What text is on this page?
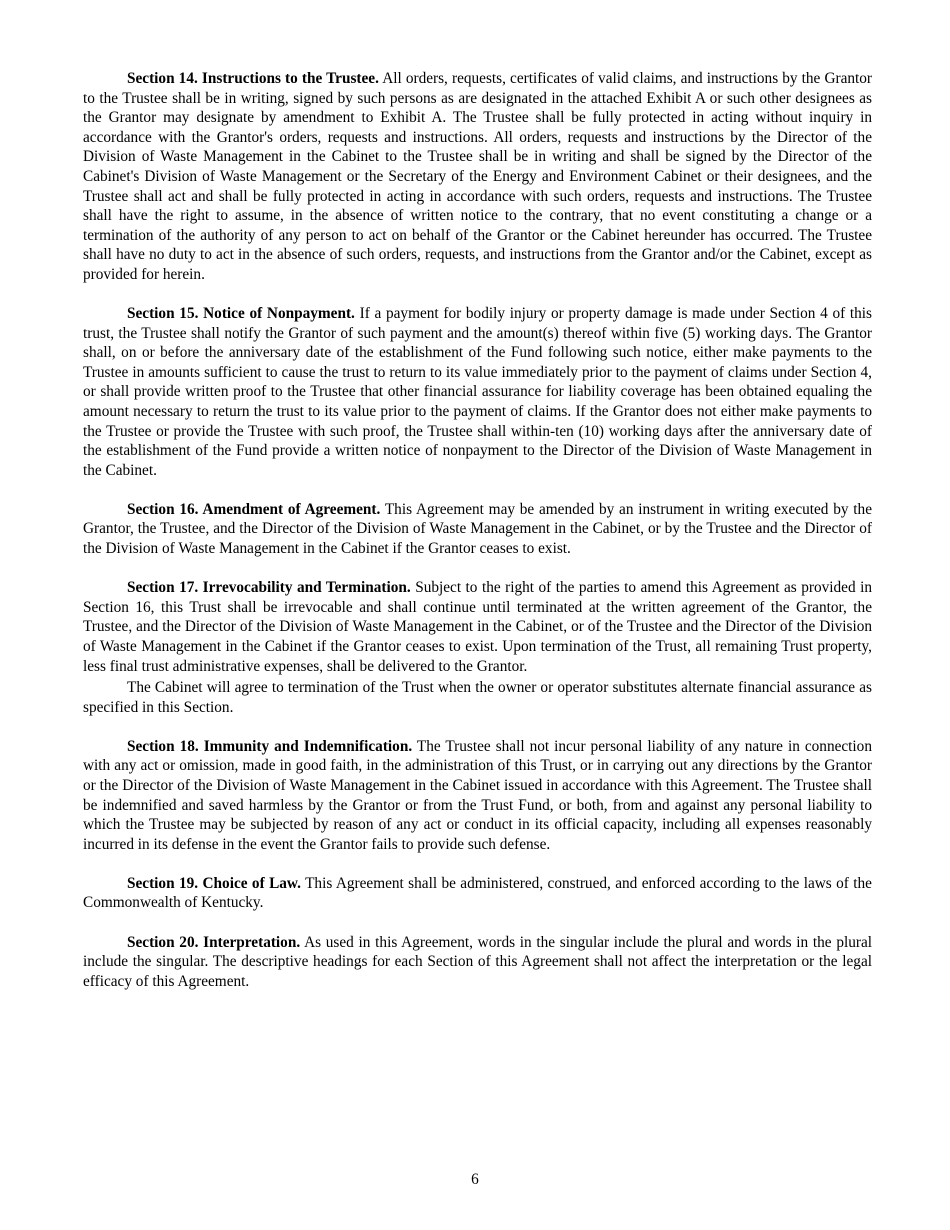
Section 14. Instructions to the Trustee. All orders, requests, certificates of valid claims, and instructions by the Grantor to the Trustee shall be in writing, signed by such persons as are designated in the attached Exhibit A or such other designees as the Grantor may designate by amendment to Exhibit A. The Trustee shall be fully protected in acting without inquiry in accordance with the Grantor's orders, requests and instructions. All orders, requests and instructions by the Director of the Division of Waste Management in the Cabinet to the Trustee shall be in writing and shall be signed by the Director of the Cabinet's Division of Waste Management or the Secretary of the Energy and Environment Cabinet or their designees, and the Trustee shall act and shall be fully protected in acting in accordance with such orders, requests and instructions. The Trustee shall have the right to assume, in the absence of written notice to the contrary, that no event constituting a change or a termination of the authority of any person to act on behalf of the Grantor or the Cabinet hereunder has occurred. The Trustee shall have no duty to act in the absence of such orders, requests, and instructions from the Grantor and/or the Cabinet, except as provided for herein.

Section 15. Notice of Nonpayment. If a payment for bodily injury or property damage is made under Section 4 of this trust, the Trustee shall notify the Grantor of such payment and the amount(s) thereof within five (5) working days. The Grantor shall, on or before the anniversary date of the establishment of the Fund following such notice, either make payments to the Trustee in amounts sufficient to cause the trust to return to its value immediately prior to the payment of claims under Section 4, or shall provide written proof to the Trustee that other financial assurance for liability coverage has been obtained equaling the amount necessary to return the trust to its value prior to the payment of claims. If the Grantor does not either make payments to the Trustee or provide the Trustee with such proof, the Trustee shall within-ten (10) working days after the anniversary date of the establishment of the Fund provide a written notice of nonpayment to the Director of the Division of Waste Management in the Cabinet.

Section 16. Amendment of Agreement. This Agreement may be amended by an instrument in writing executed by the Grantor, the Trustee, and the Director of the Division of Waste Management in the Cabinet, or by the Trustee and the Director of the Division of Waste Management in the Cabinet if the Grantor ceases to exist.

Section 17. Irrevocability and Termination. Subject to the right of the parties to amend this Agreement as provided in Section 16, this Trust shall be irrevocable and shall continue until terminated at the written agreement of the Grantor, the Trustee, and the Director of the Division of Waste Management in the Cabinet, or of the Trustee and the Director of the Division of Waste Management in the Cabinet if the Grantor ceases to exist. Upon termination of the Trust, all remaining Trust property, less final trust administrative expenses, shall be delivered to the Grantor.

The Cabinet will agree to termination of the Trust when the owner or operator substitutes alternate financial assurance as specified in this Section.

Section 18. Immunity and Indemnification. The Trustee shall not incur personal liability of any nature in connection with any act or omission, made in good faith, in the administration of this Trust, or in carrying out any directions by the Grantor or the Director of the Division of Waste Management in the Cabinet issued in accordance with this Agreement. The Trustee shall be indemnified and saved harmless by the Grantor or from the Trust Fund, or both, from and against any personal liability to which the Trustee may be subjected by reason of any act or conduct in its official capacity, including all expenses reasonably incurred in its defense in the event the Grantor fails to provide such defense.

Section 19. Choice of Law. This Agreement shall be administered, construed, and enforced according to the laws of the Commonwealth of Kentucky.

Section 20. Interpretation. As used in this Agreement, words in the singular include the plural and words in the plural include the singular. The descriptive headings for each Section of this Agreement shall not affect the interpretation or the legal efficacy of this Agreement.

6
